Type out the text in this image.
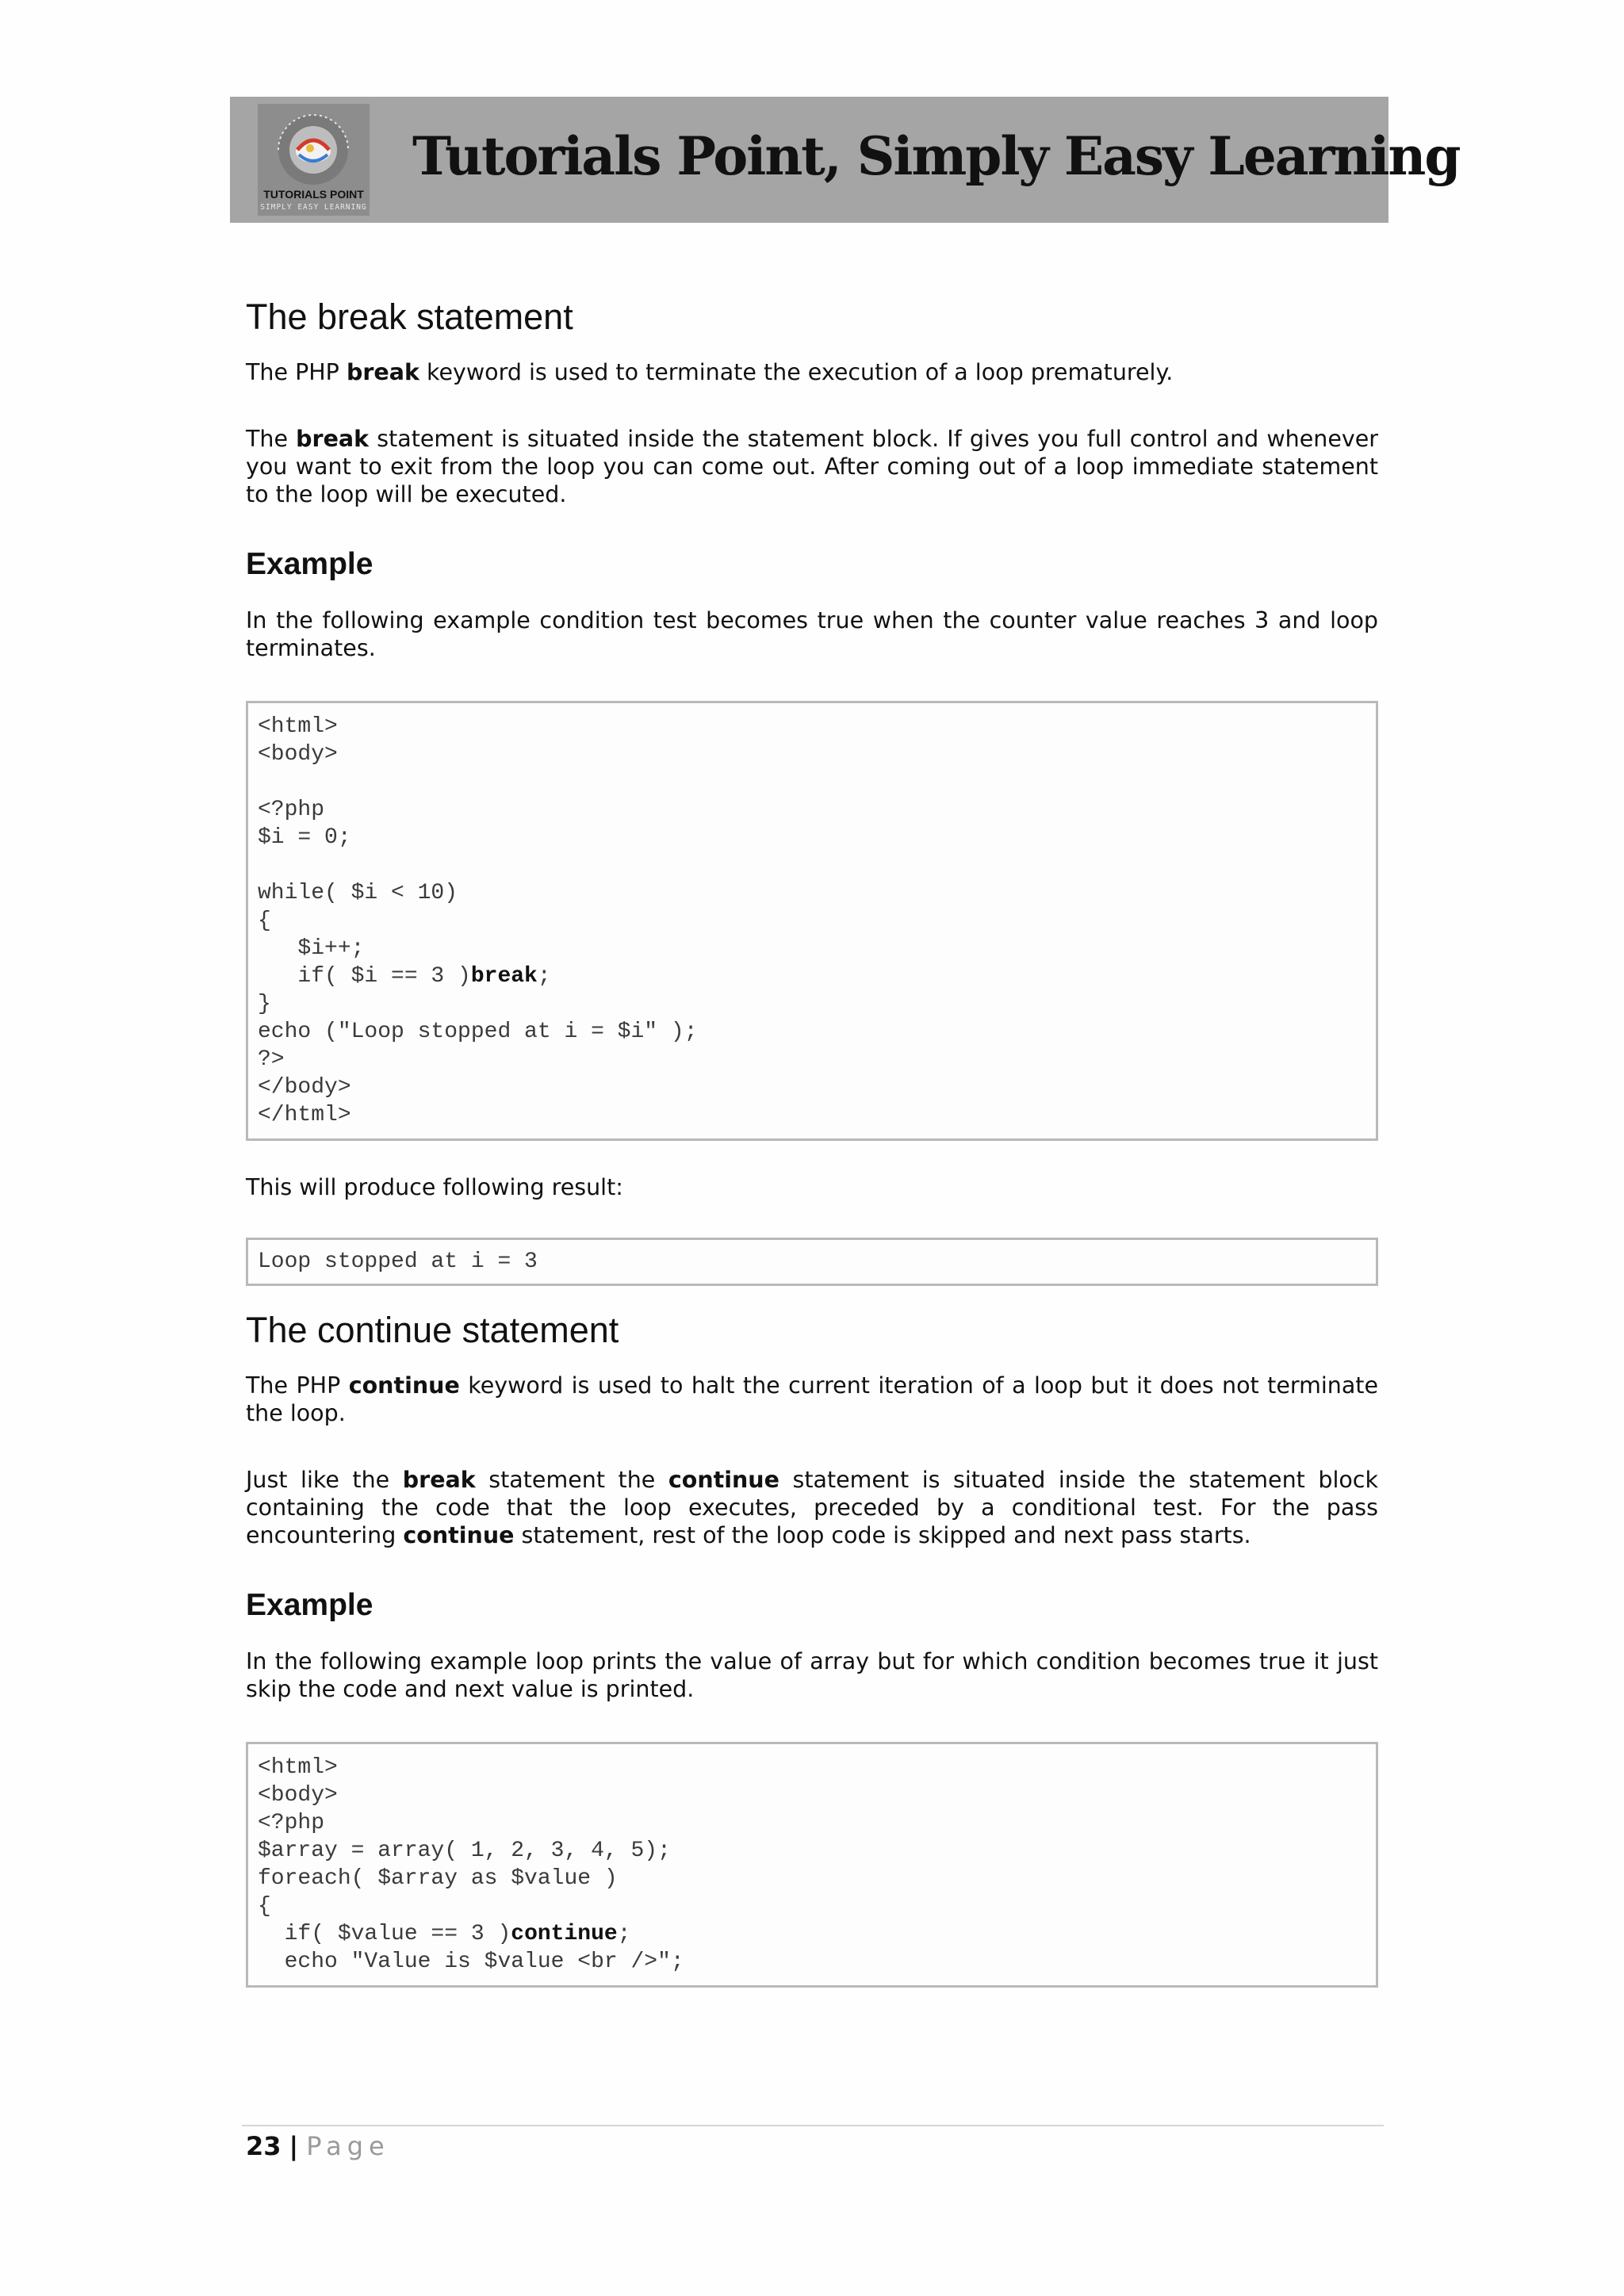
TUTORIALS POINT
SIMPLY EASY LEARNING
Tutorials Point, Simply Easy Learning
The break statement

The PHP break keyword is used to terminate the execution of a loop prematurely.

The break statement is situated inside the statement block. If gives you full control and whenever you want to exit from the loop you can come out. After coming out of a loop immediate statement to the loop will be executed.

Example

In the following example condition test becomes true when the counter value reaches 3 and loop terminates.

<html>
<body>

<?php
$i = 0;

while( $i < 10)
{
$i++;
if( $i == 3 )break;
}
echo ("Loop stopped at i = $i" );
?>
</body>
</html>

This will produce following result:

Loop stopped at i = 3
The continue statement

The PHP continue keyword is used to halt the current iteration of a loop but it does not terminate the loop.

Just like the break statement the continue statement is situated inside the statement block containing the code that the loop executes, preceded by a conditional test. For the pass encountering continue statement, rest of the loop code is skipped and next pass starts.

Example

In the following example loop prints the value of array but for which condition becomes true it just skip the code and next value is printed.

<html>
<body>
<?php
$array = array( 1, 2, 3, 4, 5);
foreach( $array as $value )
{
if( $value == 3 )continue;
echo "Value is $value <br />";
23 | Page
